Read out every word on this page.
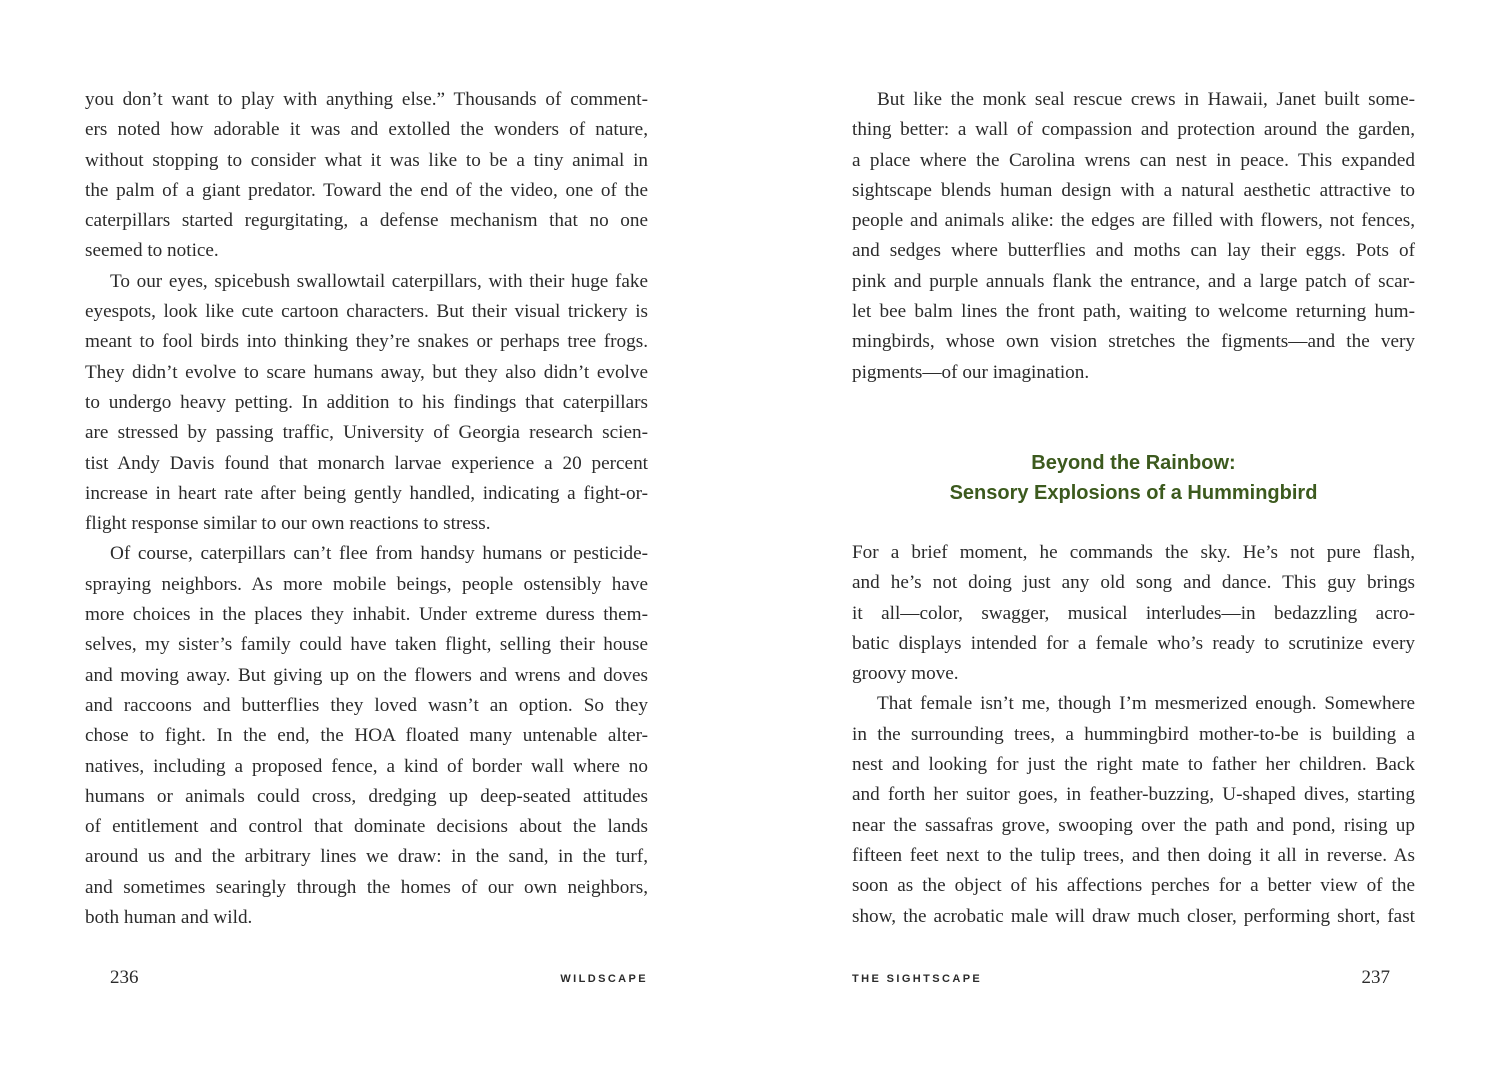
you don’t want to play with anything else.” Thousands of comment-
ers noted how adorable it was and extolled the wonders of nature,
without stopping to consider what it was like to be a tiny animal in
the palm of a giant predator. Toward the end of the video, one of the
caterpillars started regurgitating, a defense mechanism that no one
seemed to notice.
To our eyes, spicebush swallowtail caterpillars, with their huge fake
eyespots, look like cute cartoon characters. But their visual trickery is
meant to fool birds into thinking they’re snakes or perhaps tree frogs.
They didn’t evolve to scare humans away, but they also didn’t evolve
to undergo heavy petting. In addition to his findings that caterpillars
are stressed by passing traffic, University of Georgia research scien-
tist Andy Davis found that monarch larvae experience a 20 percent
increase in heart rate after being gently handled, indicating a fight-or-
flight response similar to our own reactions to stress.
Of course, caterpillars can’t flee from handsy humans or pesticide-
spraying neighbors. As more mobile beings, people ostensibly have
more choices in the places they inhabit. Under extreme duress them-
selves, my sister’s family could have taken flight, selling their house
and moving away. But giving up on the flowers and wrens and doves
and raccoons and butterflies they loved wasn’t an option. So they
chose to fight. In the end, the HOA floated many untenable alter-
natives, including a proposed fence, a kind of border wall where no
humans or animals could cross, dredging up deep-seated attitudes
of entitlement and control that dominate decisions about the lands
around us and the arbitrary lines we draw: in the sand, in the turf,
and sometimes searingly through the homes of our own neighbors,
both human and wild.
236	WILDSCAPE
But like the monk seal rescue crews in Hawaii, Janet built some-
thing better: a wall of compassion and protection around the garden,
a place where the Carolina wrens can nest in peace. This expanded
sightscape blends human design with a natural aesthetic attractive to
people and animals alike: the edges are filled with flowers, not fences,
and sedges where butterflies and moths can lay their eggs. Pots of
pink and purple annuals flank the entrance, and a large patch of scar-
let bee balm lines the front path, waiting to welcome returning hum-
mingbirds, whose own vision stretches the figments—and the very
pigments—of our imagination.
Beyond the Rainbow:
Sensory Explosions of a Hummingbird
For a brief moment, he commands the sky. He’s not pure flash,
and he’s not doing just any old song and dance. This guy brings
it all—color, swagger, musical interludes—in bedazzling acro-
batic displays intended for a female who’s ready to scrutinize every
groovy move.
That female isn’t me, though I’m mesmerized enough. Somewhere
in the surrounding trees, a hummingbird mother-to-be is building a
nest and looking for just the right mate to father her children. Back
and forth her suitor goes, in feather-buzzing, U-shaped dives, starting
near the sassafras grove, swooping over the path and pond, rising up
fifteen feet next to the tulip trees, and then doing it all in reverse. As
soon as the object of his affections perches for a better view of the
show, the acrobatic male will draw much closer, performing short, fast
THE SIGHTSCAPE	237
